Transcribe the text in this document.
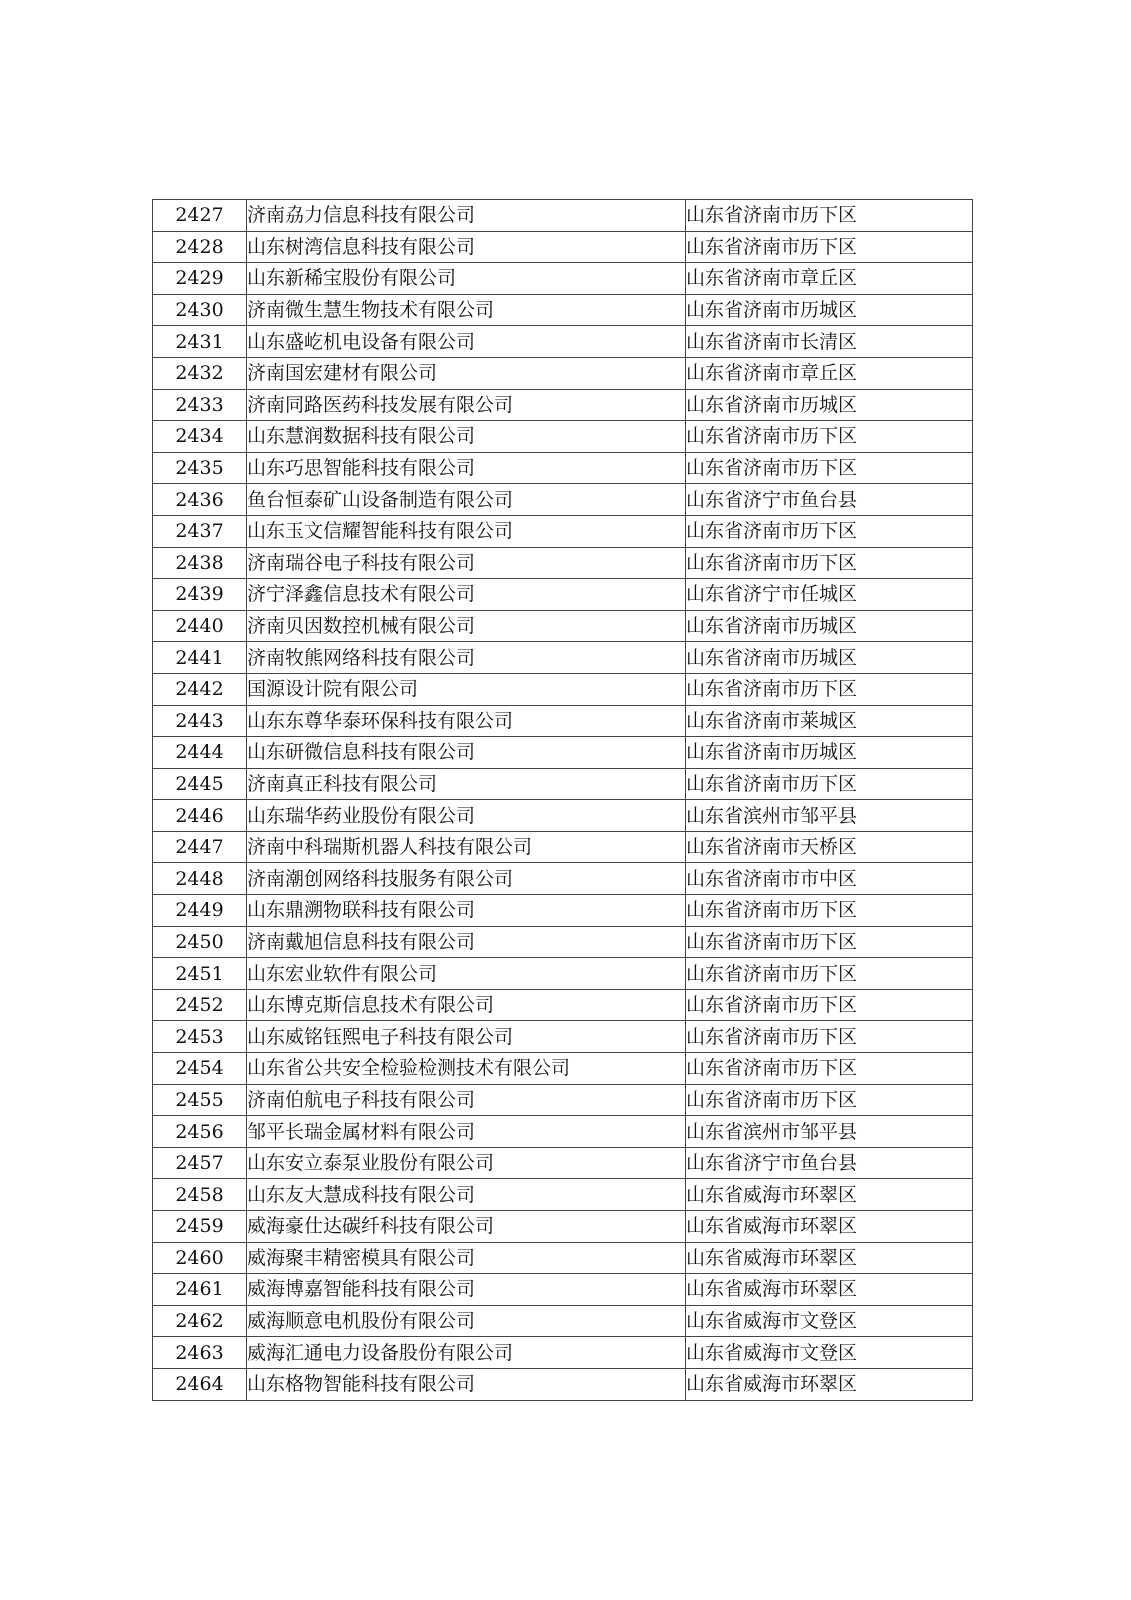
2427	济南劦力信息科技有限公司	山东省济南市历下区
2428	山东树湾信息科技有限公司	山东省济南市历下区
2429	山东新稀宝股份有限公司	山东省济南市章丘区
2430	济南微生慧生物技术有限公司	山东省济南市历城区
2431	山东盛屹机电设备有限公司	山东省济南市长清区
2432	济南国宏建材有限公司	山东省济南市章丘区
2433	济南同路医药科技发展有限公司	山东省济南市历城区
2434	山东慧润数据科技有限公司	山东省济南市历下区
2435	山东巧思智能科技有限公司	山东省济南市历下区
2436	鱼台恒泰矿山设备制造有限公司	山东省济宁市鱼台县
2437	山东玉文信耀智能科技有限公司	山东省济南市历下区
2438	济南瑞谷电子科技有限公司	山东省济南市历下区
2439	济宁泽鑫信息技术有限公司	山东省济宁市任城区
2440	济南贝因数控机械有限公司	山东省济南市历城区
2441	济南牧熊网络科技有限公司	山东省济南市历城区
2442	国源设计院有限公司	山东省济南市历下区
2443	山东东尊华泰环保科技有限公司	山东省济南市莱城区
2444	山东研微信息科技有限公司	山东省济南市历城区
2445	济南真正科技有限公司	山东省济南市历下区
2446	山东瑞华药业股份有限公司	山东省滨州市邹平县
2447	济南中科瑞斯机器人科技有限公司	山东省济南市天桥区
2448	济南潮创网络科技服务有限公司	山东省济南市市中区
2449	山东鼎溯物联科技有限公司	山东省济南市历下区
2450	济南戴旭信息科技有限公司	山东省济南市历下区
2451	山东宏业软件有限公司	山东省济南市历下区
2452	山东博克斯信息技术有限公司	山东省济南市历下区
2453	山东威铭钰熙电子科技有限公司	山东省济南市历下区
2454	山东省公共安全检验检测技术有限公司	山东省济南市历下区
2455	济南伯航电子科技有限公司	山东省济南市历下区
2456	邹平长瑞金属材料有限公司	山东省滨州市邹平县
2457	山东安立泰泵业股份有限公司	山东省济宁市鱼台县
2458	山东友大慧成科技有限公司	山东省威海市环翠区
2459	威海豪仕达碳纤科技有限公司	山东省威海市环翠区
2460	威海聚丰精密模具有限公司	山东省威海市环翠区
2461	威海博嘉智能科技有限公司	山东省威海市环翠区
2462	威海顺意电机股份有限公司	山东省威海市文登区
2463	威海汇通电力设备股份有限公司	山东省威海市文登区
2464	山东格物智能科技有限公司	山东省威海市环翠区
